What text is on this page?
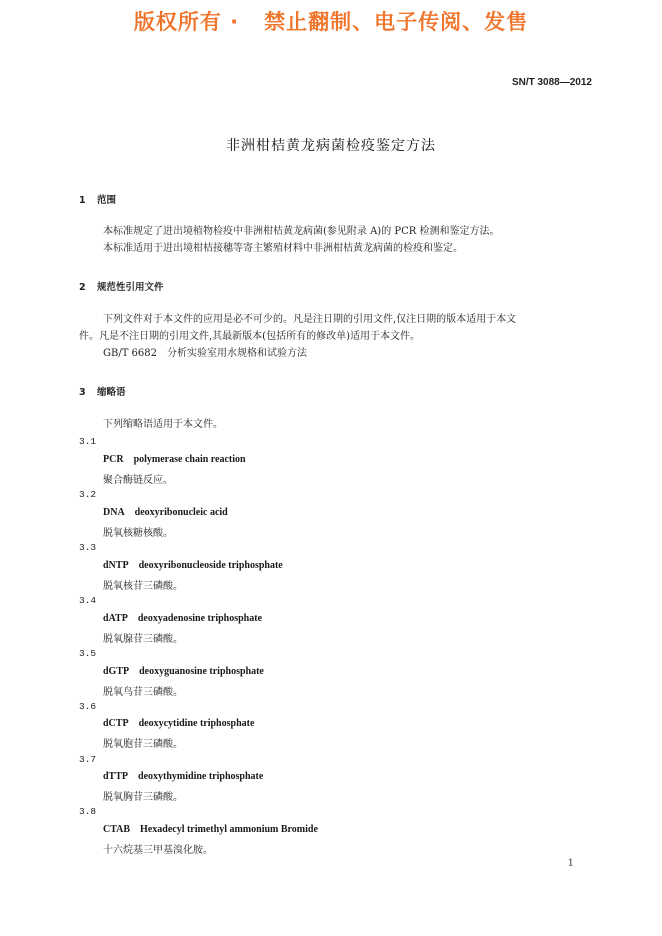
版权所有 ·   禁止翻制、电子传阅、发售
SN/T 3088—2012
非洲柑桔黄龙病菌检疫鉴定方法
1 范围
本标准规定了进出境植物检疫中非洲柑桔黄龙病菌(参见附录 A)的 PCR 检测和鉴定方法。
本标准适用于进出境柑桔接穗等寄主繁殖材料中非洲柑桔黄龙病菌的检疫和鉴定。
2 规范性引用文件
下列文件对于本文件的应用是必不可少的。凡是注日期的引用文件,仅注日期的版本适用于本文
件。凡是不注日期的引用文件,其最新版本(包括所有的修改单)适用于本文件。
GB/T 6682　分析实验室用水规格和试验方法
3 缩略语
下列缩略语适用于本文件。
3.1
PCR polymerase chain reaction
聚合酶链反应。
3.2
DNA deoxyribonucleic acid
脱氧核糖核酸。
3.3
dNTP deoxyribonucleoside triphosphate
脱氧核苷三磷酸。
3.4
dATP deoxyadenosine triphosphate
脱氧腺苷三磷酸。
3.5
dGTP deoxyguanosine triphosphate
脱氧鸟苷三磷酸。
3.6
dCTP deoxycytidine triphosphate
脱氧胞苷三磷酸。
3.7
dTTP deoxythymidine triphosphate
脱氧胸苷三磷酸。
3.8
CTAB Hexadecyl trimethyl ammonium Bromide
十六烷基三甲基溴化胺。
1
